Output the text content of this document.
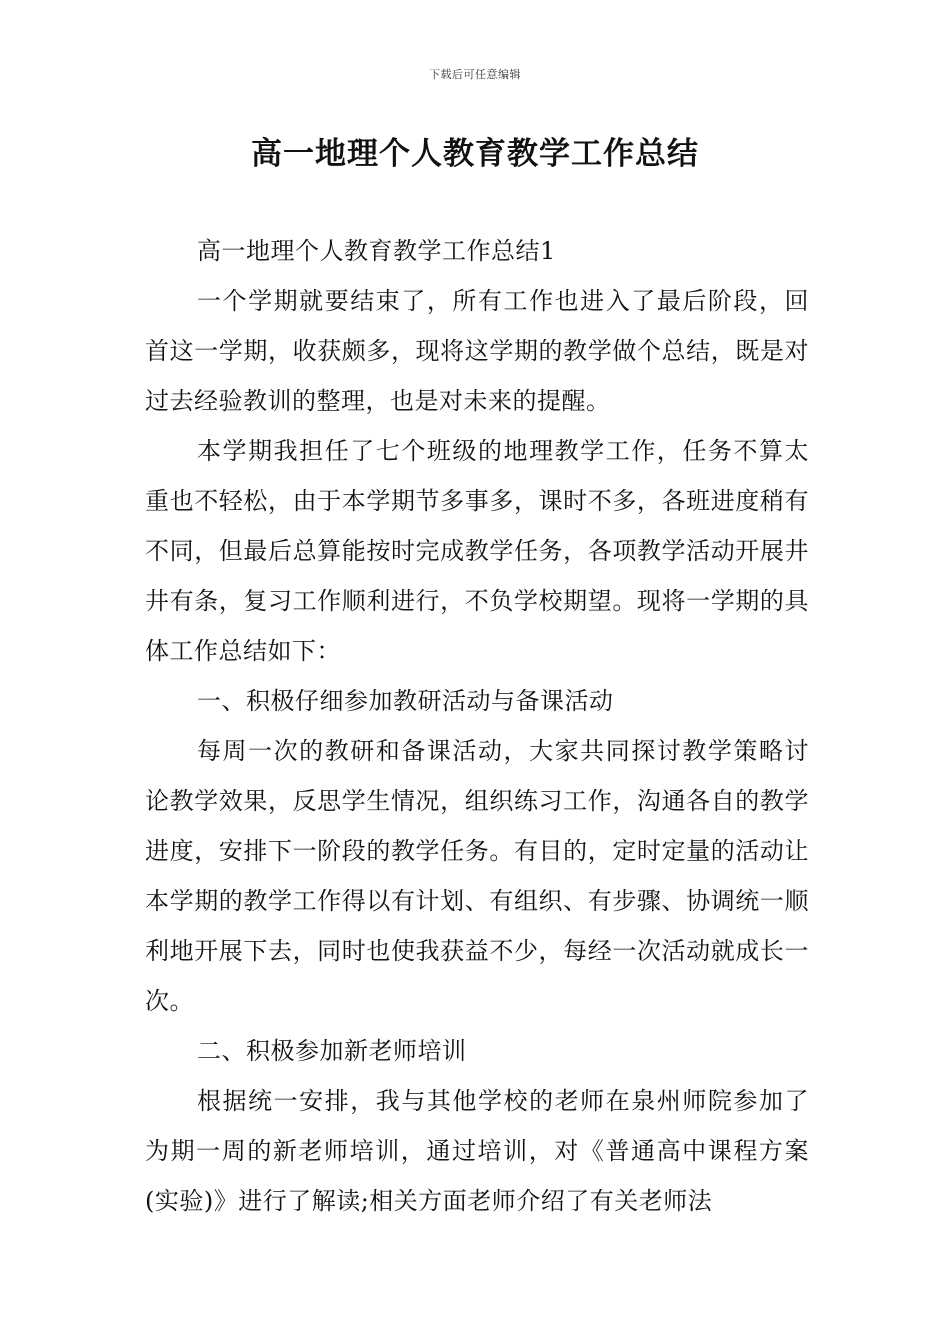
下载后可任意编辑
高一地理个人教育教学工作总结

高一地理个人教育教学工作总结1

一个学期就要结束了，所有工作也进入了最后阶段，回首这一学期，收获颇多，现将这学期的教学做个总结，既是对过去经验教训的整理，也是对未来的提醒。

本学期我担任了七个班级的地理教学工作，任务不算太重也不轻松，由于本学期节多事多，课时不多，各班进度稍有不同，但最后总算能按时完成教学任务，各项教学活动开展井井有条，复习工作顺利进行，不负学校期望。现将一学期的具体工作总结如下：

一、积极仔细参加教研活动与备课活动

每周一次的教研和备课活动，大家共同探讨教学策略讨论教学效果，反思学生情况，组织练习工作，沟通各自的教学进度，安排下一阶段的教学任务。有目的，定时定量的活动让本学期的教学工作得以有计划、有组织、有步骤、协调统一顺利地开展下去，同时也使我获益不少，每经一次活动就成长一次。

二、积极参加新老师培训

根据统一安排，我与其他学校的老师在泉州师院参加了为期一周的新老师培训，通过培训，对《普通高中课程方案(实验)》进行了解读;相关方面老师介绍了有关老师法
